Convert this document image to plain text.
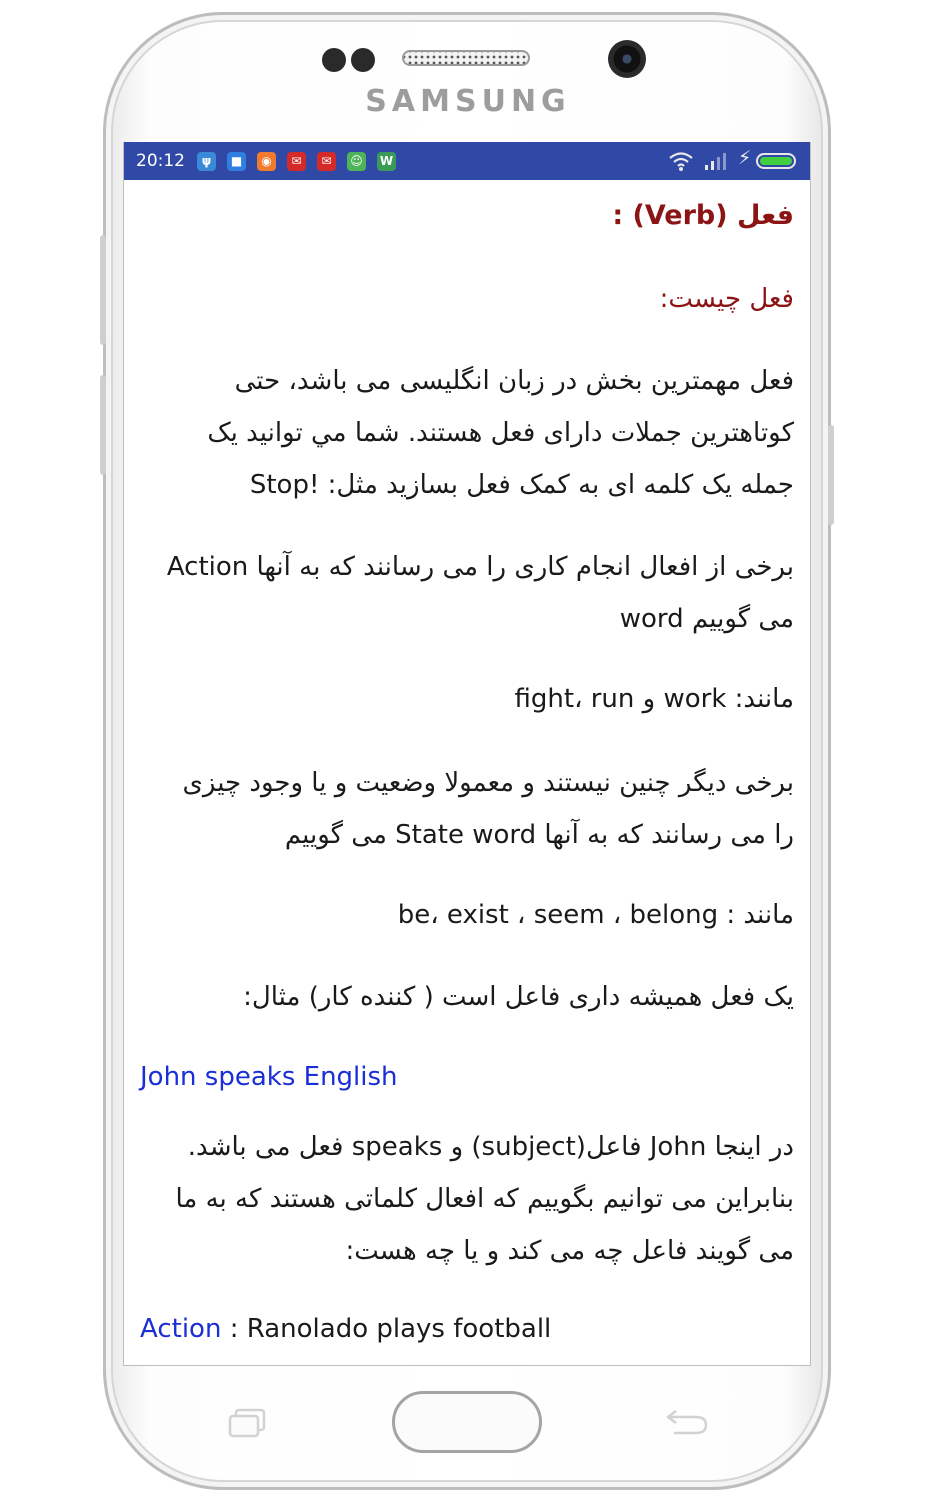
SAMSUNG
20:12	ψ	■	◉	✉	✉	☺ W	⚡
فعل (Verb) :
فعل چیست:
فعل مهمترین بخش در زبان انگلیسی می باشد، حتی
کوتاهترین جملات دارای فعل هستند. شما مي توانيد يک
جمله یک کلمه ای به کمک فعل بسازید مثل: !Stop
برخی از افعال انجام کاری را می رسانند که به آنها Action
word می گوییم
مانند: work و fight، run
برخی دیگر چنین نیستند و معمولا وضعیت و یا وجود چیزی
را می رسانند که به آنها State word می گوییم
مانند : be، exist ، seem ، belong
یک فعل همیشه داری فاعل است ( کننده کار) مثال:
John speaks English
در اینجا John فاعل(subject) و speaks فعل می باشد.
بنابراین می توانیم بگوییم که افعال کلماتی هستند که به ما
می گویند فاعل چه می کند و یا چه هست:
Action : Ranolado plays football
